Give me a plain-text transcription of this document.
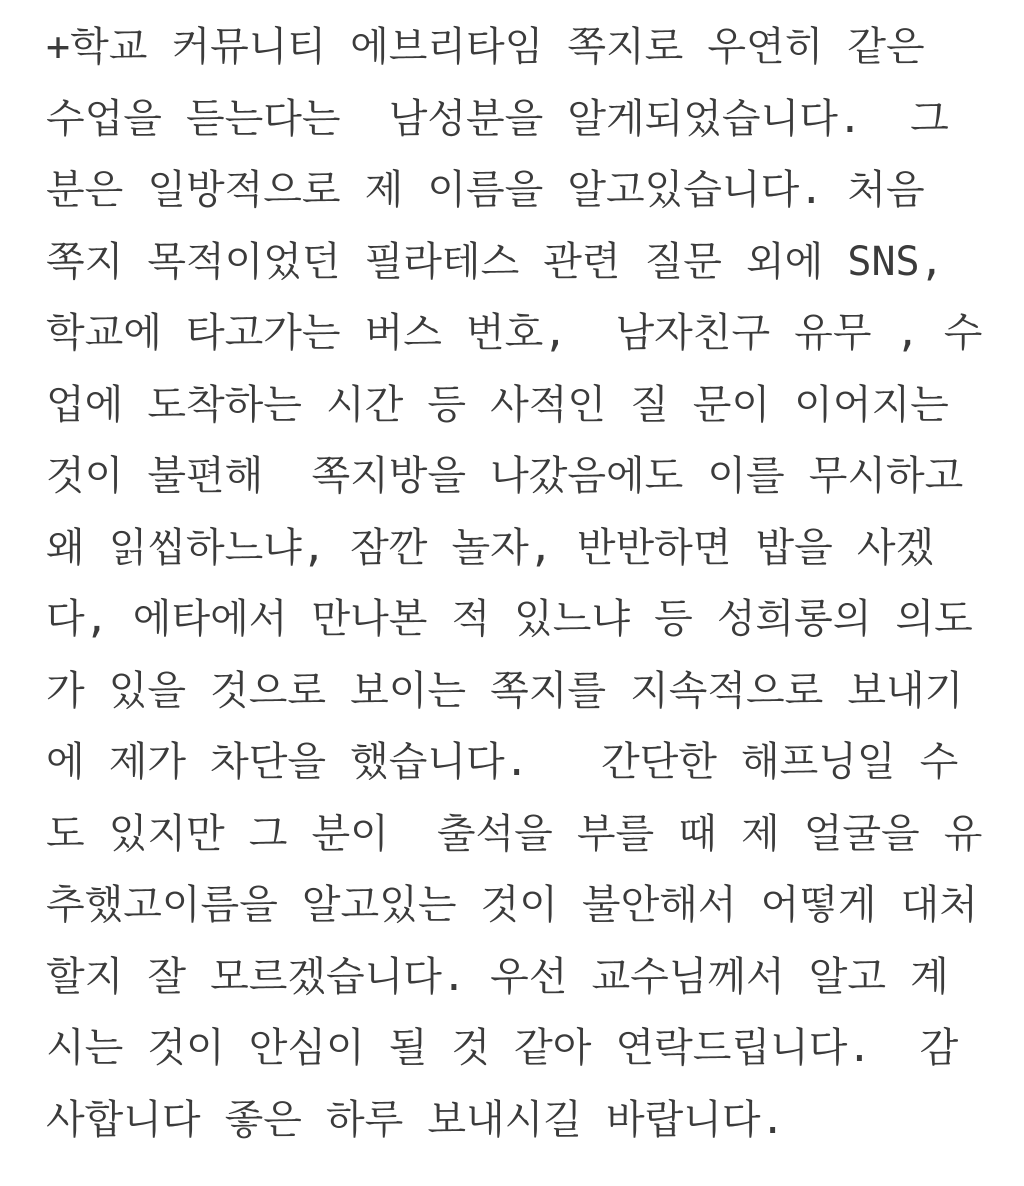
+학교 커뮤니티 에브리타임 쪽지로 우연히 같은
수업을 듣는다는  남성분을 알게되었습니다.  그
분은 일방적으로 제 이름을 알고있습니다. 처음
쪽지 목적이었던 필라테스 관련 질문 외에 SNS,
학교에 타고가는 버스 번호,  남자친구 유무 , 수
업에 도착하는 시간 등 사적인 질 문이 이어지는
것이 불편해  쪽지방을 나갔음에도 이를 무시하고
왜 읽씹하느냐, 잠깐 놀자, 반반하면 밥을 사겠
다, 에타에서 만나본 적 있느냐 등 성희롱의 의도
가 있을 것으로 보이는 쪽지를 지속적으로 보내기
에 제가 차단을 했습니다.   간단한 해프닝일 수
도 있지만 그 분이  출석을 부를 때 제 얼굴을 유
추했고이름을 알고있는 것이 불안해서 어떻게 대처
할지 잘 모르겠습니다. 우선 교수님께서 알고 계
시는 것이 안심이 될 것 같아 연락드립니다.  감
사합니다 좋은 하루 보내시길 바랍니다.
